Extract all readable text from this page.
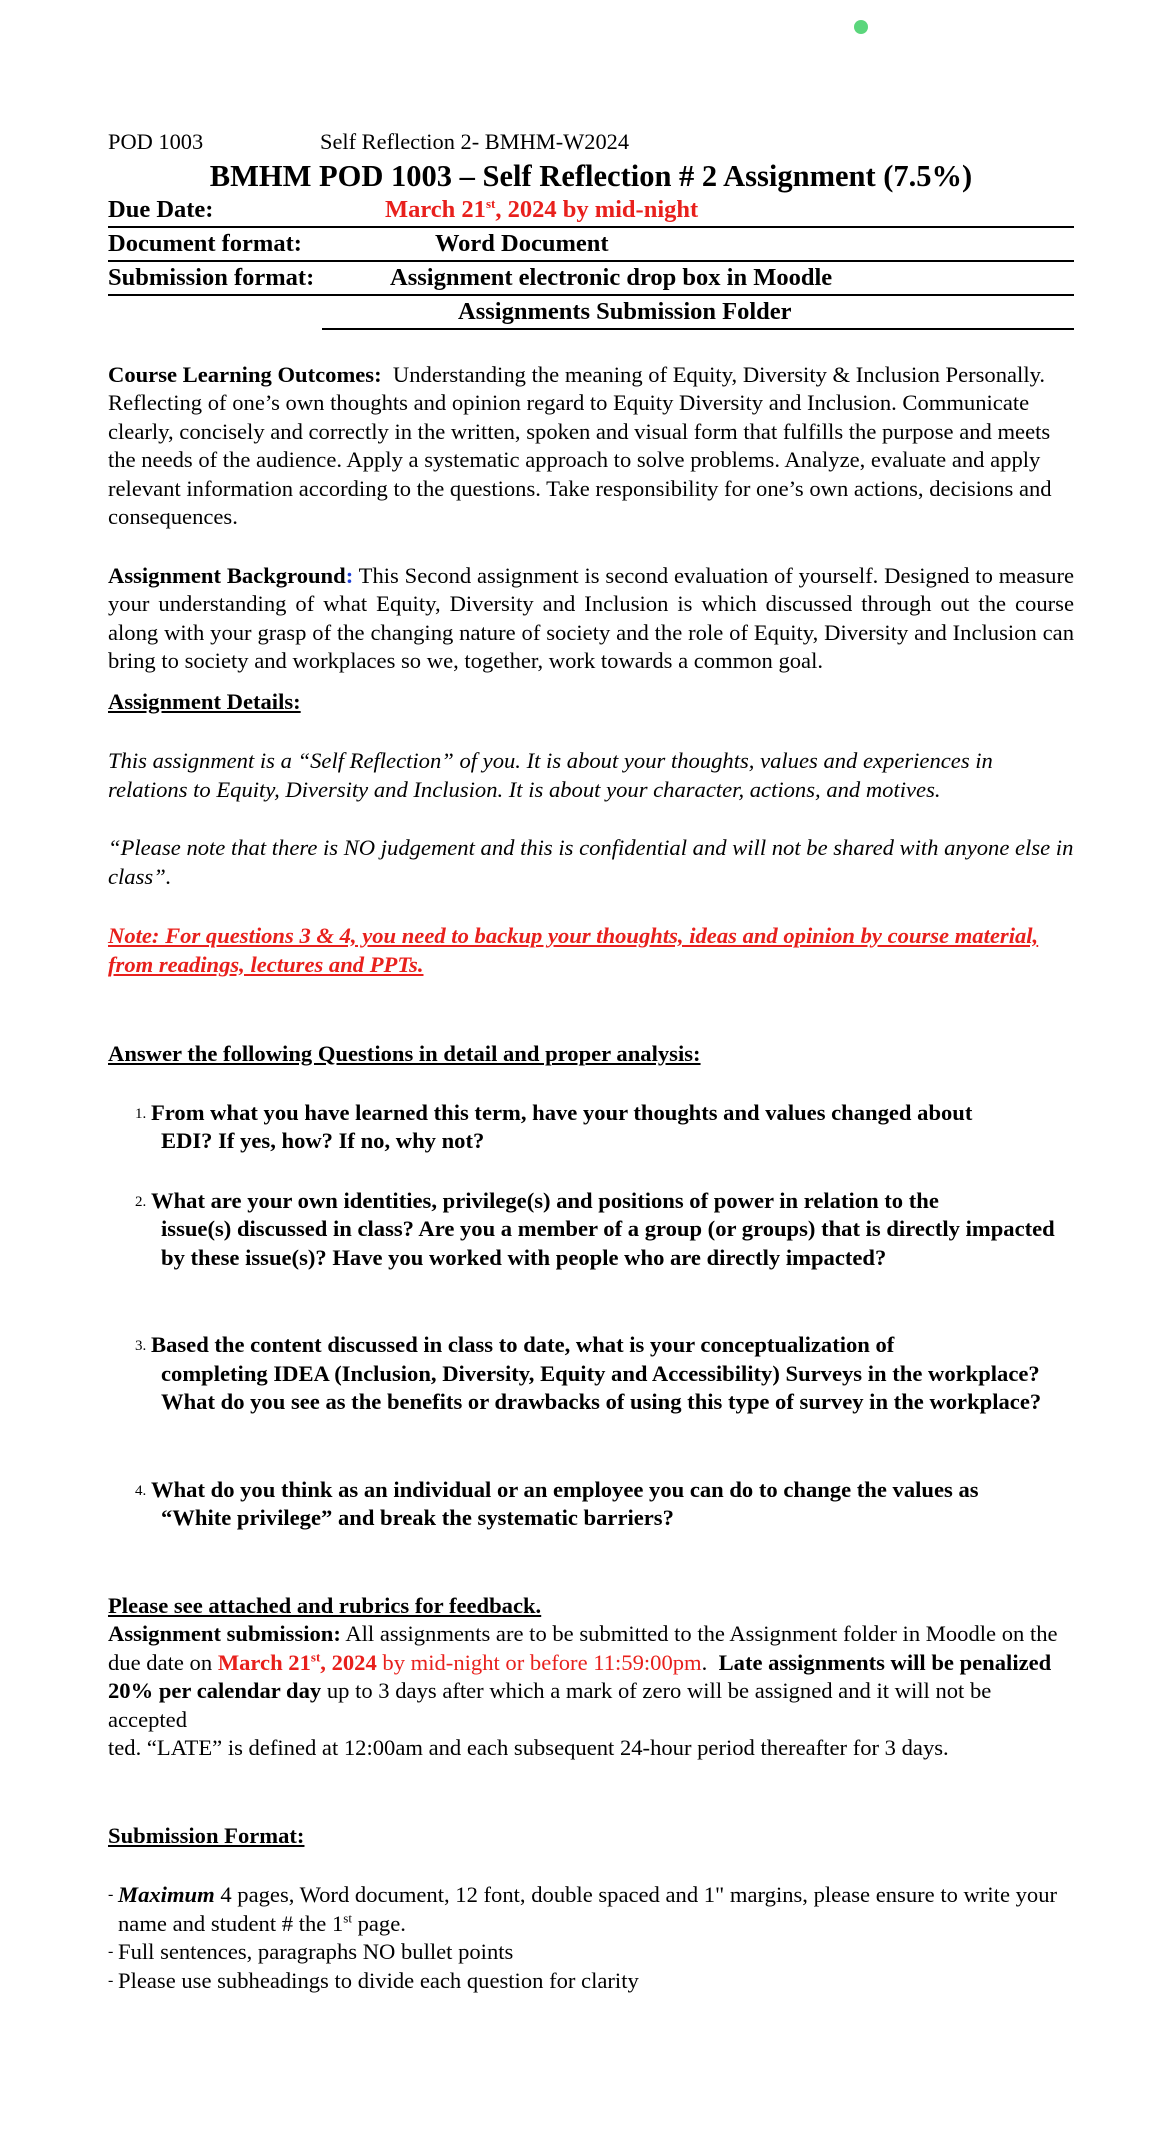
POD 1003	Self Reflection 2- BMHM-W2024
BMHM POD 1003 – Self Reflection # 2 Assignment (7.5%)
Due Date:	March 21st, 2024 by mid-night
Document format:	Word Document
Submission format:	Assignment electronic drop box in Moodle
Assignments Submission Folder

Course Learning Outcomes: Understanding the meaning of Equity, Diversity & Inclusion Personally. Reflecting of one’s own thoughts and opinion regard to Equity Diversity and Inclusion. Communicate clearly, concisely and correctly in the written, spoken and visual form that fulfills the purpose and meets the needs of the audience. Apply a systematic approach to solve problems. Analyze, evaluate and apply relevant information according to the questions. Take responsibility for one’s own actions, decisions and consequences.

Assignment Background: This Second assignment is second evaluation of yourself. Designed to measure your understanding of what Equity, Diversity and Inclusion is which discussed through out the course along with your grasp of the changing nature of society and the role of Equity, Diversity and Inclusion can bring to society and workplaces so we, together, work towards a common goal.

Assignment Details:

This assignment is a “Self Reflection” of you. It is about your thoughts, values and experiences in relations to Equity, Diversity and Inclusion. It is about your character, actions, and motives.

“Please note that there is NO judgement and this is confidential and will not be shared with anyone else in class”.

Note: For questions 3 & 4, you need to backup your thoughts, ideas and opinion by course material, from readings, lectures and PPTs.

Answer the following Questions in detail and proper analysis:

1. From what you have learned this term, have your thoughts and values changed about
EDI? If yes, how? If no, why not?
2. What are your own identities, privilege(s) and positions of power in relation to the
issue(s) discussed in class? Are you a member of a group (or groups) that is directly impacted by these issue(s)? Have you worked with people who are directly impacted?
3. Based the content discussed in class to date, what is your conceptualization of
completing IDEA (Inclusion, Diversity, Equity and Accessibility) Surveys in the workplace? What do you see as the benefits or drawbacks of using this type of survey in the workplace?
4. What do you think as an individual or an employee you can do to change the values as
“White privilege” and break the systematic barriers?

Please see attached and rubrics for feedback.

Assignment submission: All assignments are to be submitted to the Assignment folder in Moodle on the due date on March 21st, 2024 by mid-night or before 11:59:00pm. Late assignments will be penalized 20% per calendar day up to 3 days after which a mark of zero will be assigned and it will not be accepted

ted. “LATE” is defined at 12:00am and each subsequent 24-hour period thereafter for 3 days.

Submission Format:

- Maximum 4 pages, Word document, 12 font, double spaced and 1" margins, please ensure to write your name and student # the 1st page.
- Full sentences, paragraphs NO bullet points
- Please use subheadings to divide each question for clarity
